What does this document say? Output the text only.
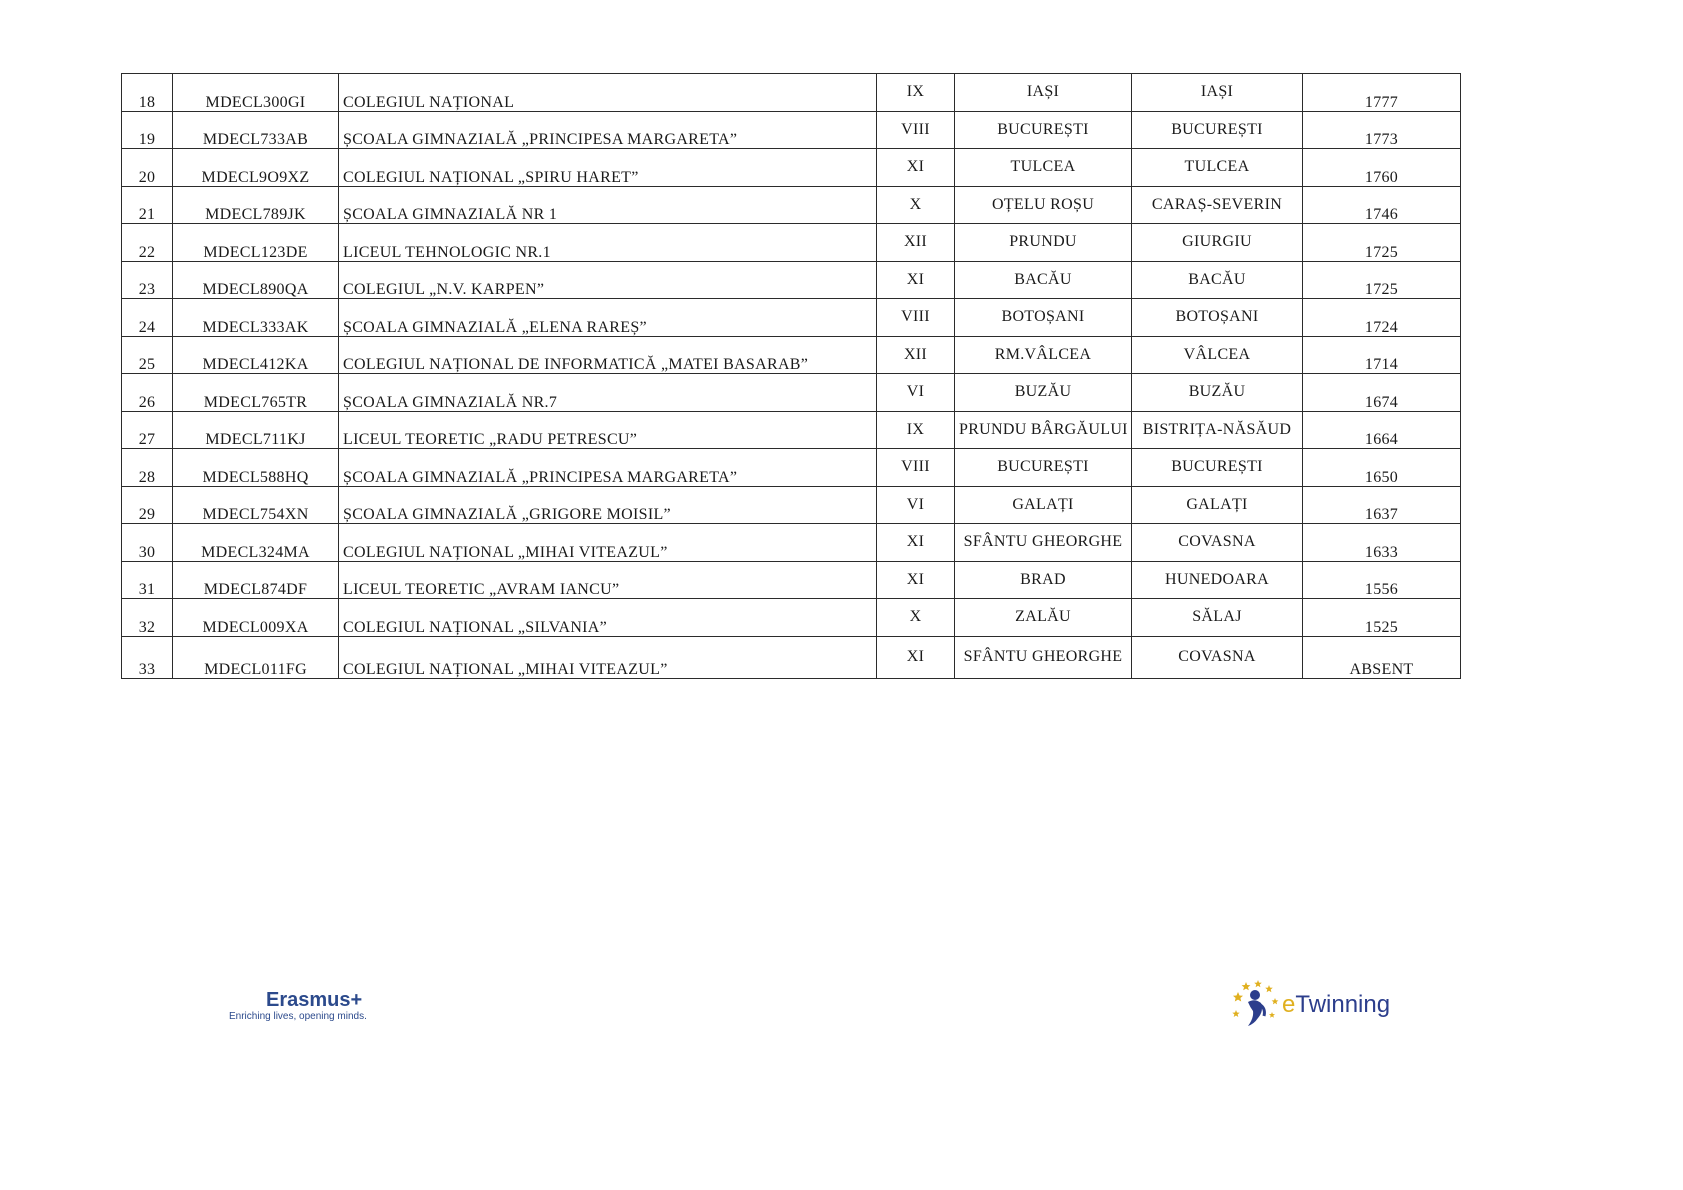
18	MDECL300GI	COLEGIUL NAȚIONAL	IX	IAȘI	IAȘI	1777
19	MDECL733AB	ȘCOALA GIMNAZIALĂ „PRINCIPESA MARGARETA”	VIII	BUCUREȘTI	BUCUREȘTI	1773
20	MDECL9O9XZ	COLEGIUL NAȚIONAL „SPIRU HARET”	XI	TULCEA	TULCEA	1760
21	MDECL789JK	ȘCOALA GIMNAZIALĂ NR 1	X	OȚELU ROȘU	CARAȘ-SEVERIN	1746
22	MDECL123DE	LICEUL TEHNOLOGIC NR.1	XII	PRUNDU	GIURGIU	1725
23	MDECL890QA	COLEGIUL „N.V. KARPEN”	XI	BACĂU	BACĂU	1725
24	MDECL333AK	ȘCOALA GIMNAZIALĂ „ELENA RAREȘ”	VIII	BOTOȘANI	BOTOȘANI	1724
25	MDECL412KA	COLEGIUL NAȚIONAL DE INFORMATICĂ „MATEI BASARAB”	XII	RM.VÂLCEA	VÂLCEA	1714
26	MDECL765TR	ȘCOALA GIMNAZIALĂ NR.7	VI	BUZĂU	BUZĂU	1674
27	MDECL711KJ	LICEUL TEORETIC „RADU PETRESCU”	IX	PRUNDU BÂRGĂULUI	BISTRIȚA-NĂSĂUD	1664
28	MDECL588HQ	ȘCOALA GIMNAZIALĂ „PRINCIPESA MARGARETA”	VIII	BUCUREȘTI	BUCUREȘTI	1650
29	MDECL754XN	ȘCOALA GIMNAZIALĂ „GRIGORE MOISIL”	VI	GALAȚI	GALAȚI	1637
30	MDECL324MA	COLEGIUL NAȚIONAL „MIHAI VITEAZUL”	XI	SFÂNTU GHEORGHE	COVASNA	1633
31	MDECL874DF	LICEUL TEORETIC „AVRAM IANCU”	XI	BRAD	HUNEDOARA	1556
32	MDECL009XA	COLEGIUL NAȚIONAL „SILVANIA”	X	ZALĂU	SĂLAJ	1525
33	MDECL011FG	COLEGIUL NAȚIONAL „MIHAI VITEAZUL”	XI	SFÂNTU GHEORGHE	COVASNA	ABSENT
Erasmus+
Enriching lives, opening minds.	eTwinning
